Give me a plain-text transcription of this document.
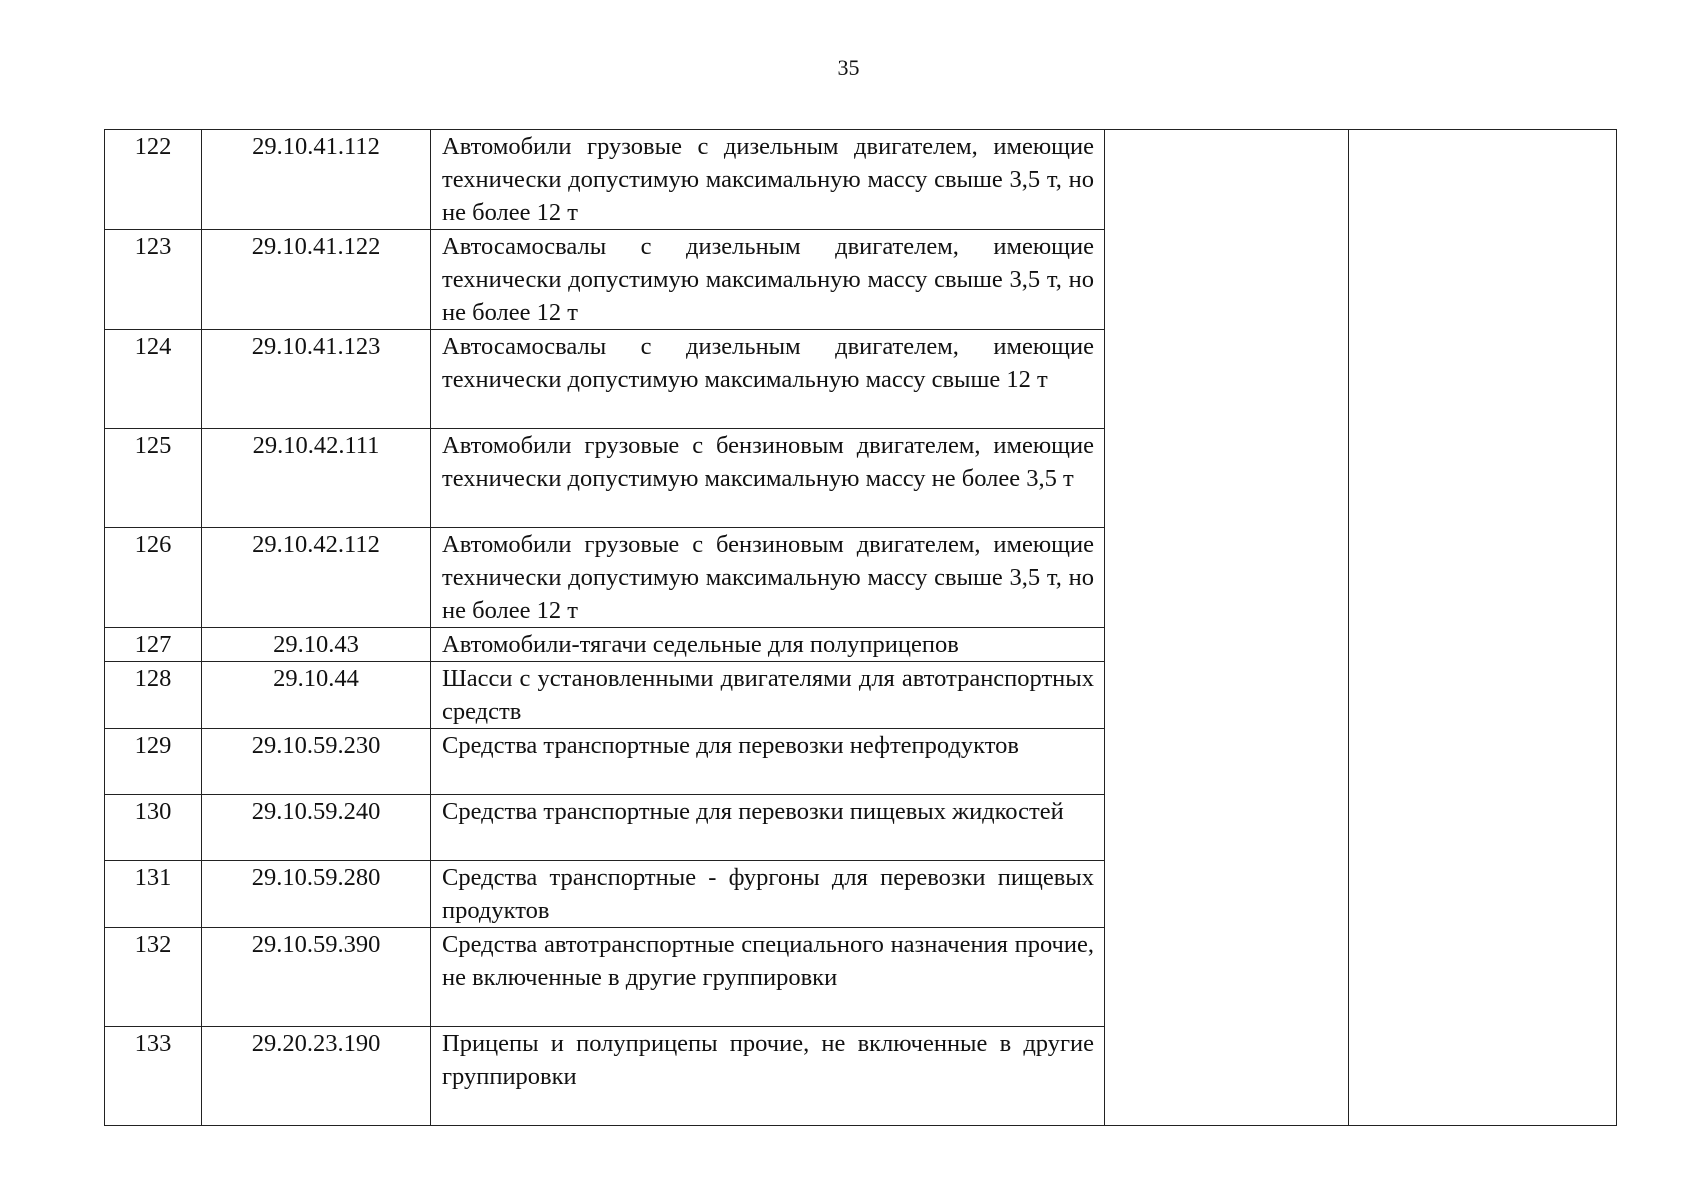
35
122	29.10.41.112	Автомобили грузовые с дизельным двигателем, имеющие технически допустимую максимальную массу свыше 3,5 т, но не более 12 т		
123	29.10.41.122	Автосамосвалы с дизельным двигателем, имеющие технически допустимую максимальную массу свыше 3,5 т, но не более 12 т		
124	29.10.41.123	Автосамосвалы с дизельным двигателем, имеющие технически допустимую максимальную массу свыше 12 т		
125	29.10.42.111	Автомобили грузовые с бензиновым двигателем, имеющие технически допустимую максимальную массу не более 3,5 т		
126	29.10.42.112	Автомобили грузовые с бензиновым двигателем, имеющие технически допустимую максимальную массу свыше 3,5 т, но не более 12 т		
127	29.10.43	Автомобили-тягачи седельные для полуприцепов		
128	29.10.44	Шасси с установленными двигателями для автотранспортных средств		
129	29.10.59.230	Средства транспортные для перевозки нефтепродуктов		
130	29.10.59.240	Средства транспортные для перевозки пищевых жидкостей		
131	29.10.59.280	Средства транспортные - фургоны для перевозки пищевых продуктов		
132	29.10.59.390	Средства автотранспортные специального назначения прочие, не включенные в другие группировки		
133	29.20.23.190	Прицепы и полуприцепы прочие, не включенные в другие группировки		
